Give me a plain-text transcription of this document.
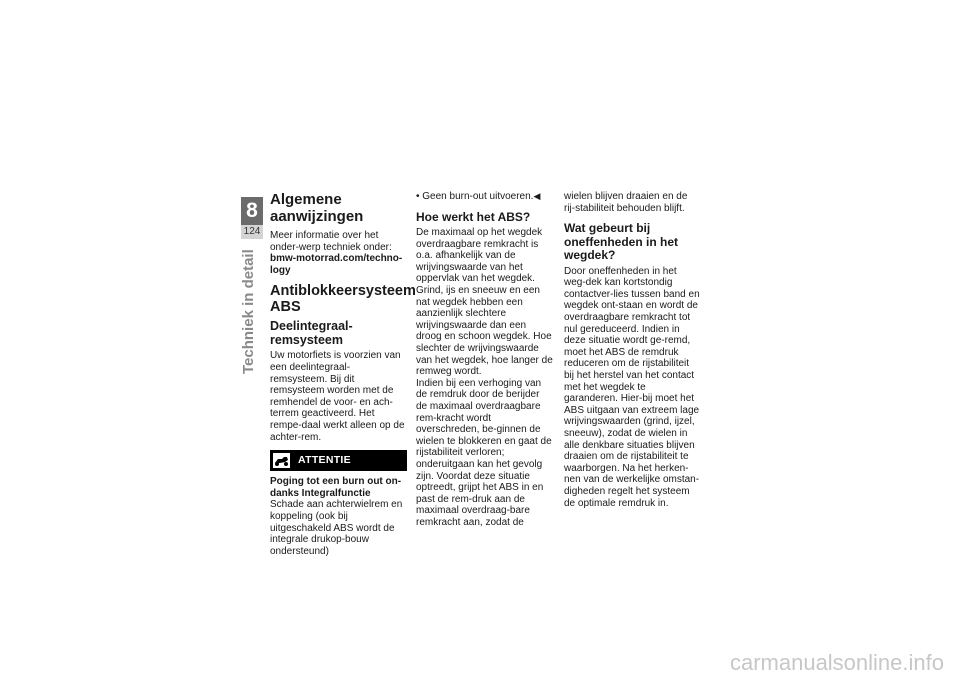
8
124
Techniek in detail
Algemene aanwijzingen

Meer informatie over het onder-werp techniek onder:

bmw-motorrad.com/techno-logy

Antiblokkeersysteem ABS
Deelintegraal-remsysteem

Uw motorfiets is voorzien van een deelintegraal-remsysteem. Bij dit remsysteem worden met de remhendel de voor- en ach-terrem geactiveerd. Het rempe-daal werkt alleen op de achter-rem.

ATTENTIE

Poging tot een burn out on-danks Integralfunctie

Schade aan achterwielrem en koppeling (ook bij uitgeschakeld ABS wordt de integrale drukop-bouw ondersteund)

• Geen burn-out uitvoeren.◀

Hoe werkt het ABS?

De maximaal op het wegdek overdraagbare remkracht is o.a. afhankelijk van de wrijvingswaarde van het oppervlak van het wegdek. Grind, ijs en sneeuw en een nat wegdek hebben een aanzienlijk slechtere wrijvingswaarde dan een droog en schoon wegdek. Hoe slechter de wrijvingswaarde van het wegdek, hoe langer de remweg wordt.

Indien bij een verhoging van de remdruk door de berijder de maximaal overdraagbare rem-kracht wordt overschreden, be-ginnen de wielen te blokkeren en gaat de rijstabiliteit verloren; onderuitgaan kan het gevolg zijn. Voordat deze situatie optreedt, grijpt het ABS in en past de rem-druk aan de maximaal overdraag-bare remkracht aan, zodat de

wielen blijven draaien en de rij-stabiliteit behouden blijft.

Wat gebeurt bij oneffenheden in het wegdek?

Door oneffenheden in het weg-dek kan kortstondig contactver-lies tussen band en wegdek ont-staan en wordt de overdraagbare remkracht tot nul gereduceerd. Indien in deze situatie wordt ge-remd, moet het ABS de remdruk reduceren om de rijstabiliteit bij het herstel van het contact met het wegdek te garanderen. Hier-bij moet het ABS uitgaan van extreem lage wrijvingswaarden (grind, ijzel, sneeuw), zodat de wielen in alle denkbare situaties blijven draaien om de rijstabiliteit te waarborgen. Na het herken-nen van de werkelijke omstan-digheden regelt het systeem de optimale remdruk in.

carmanualsonline.info
